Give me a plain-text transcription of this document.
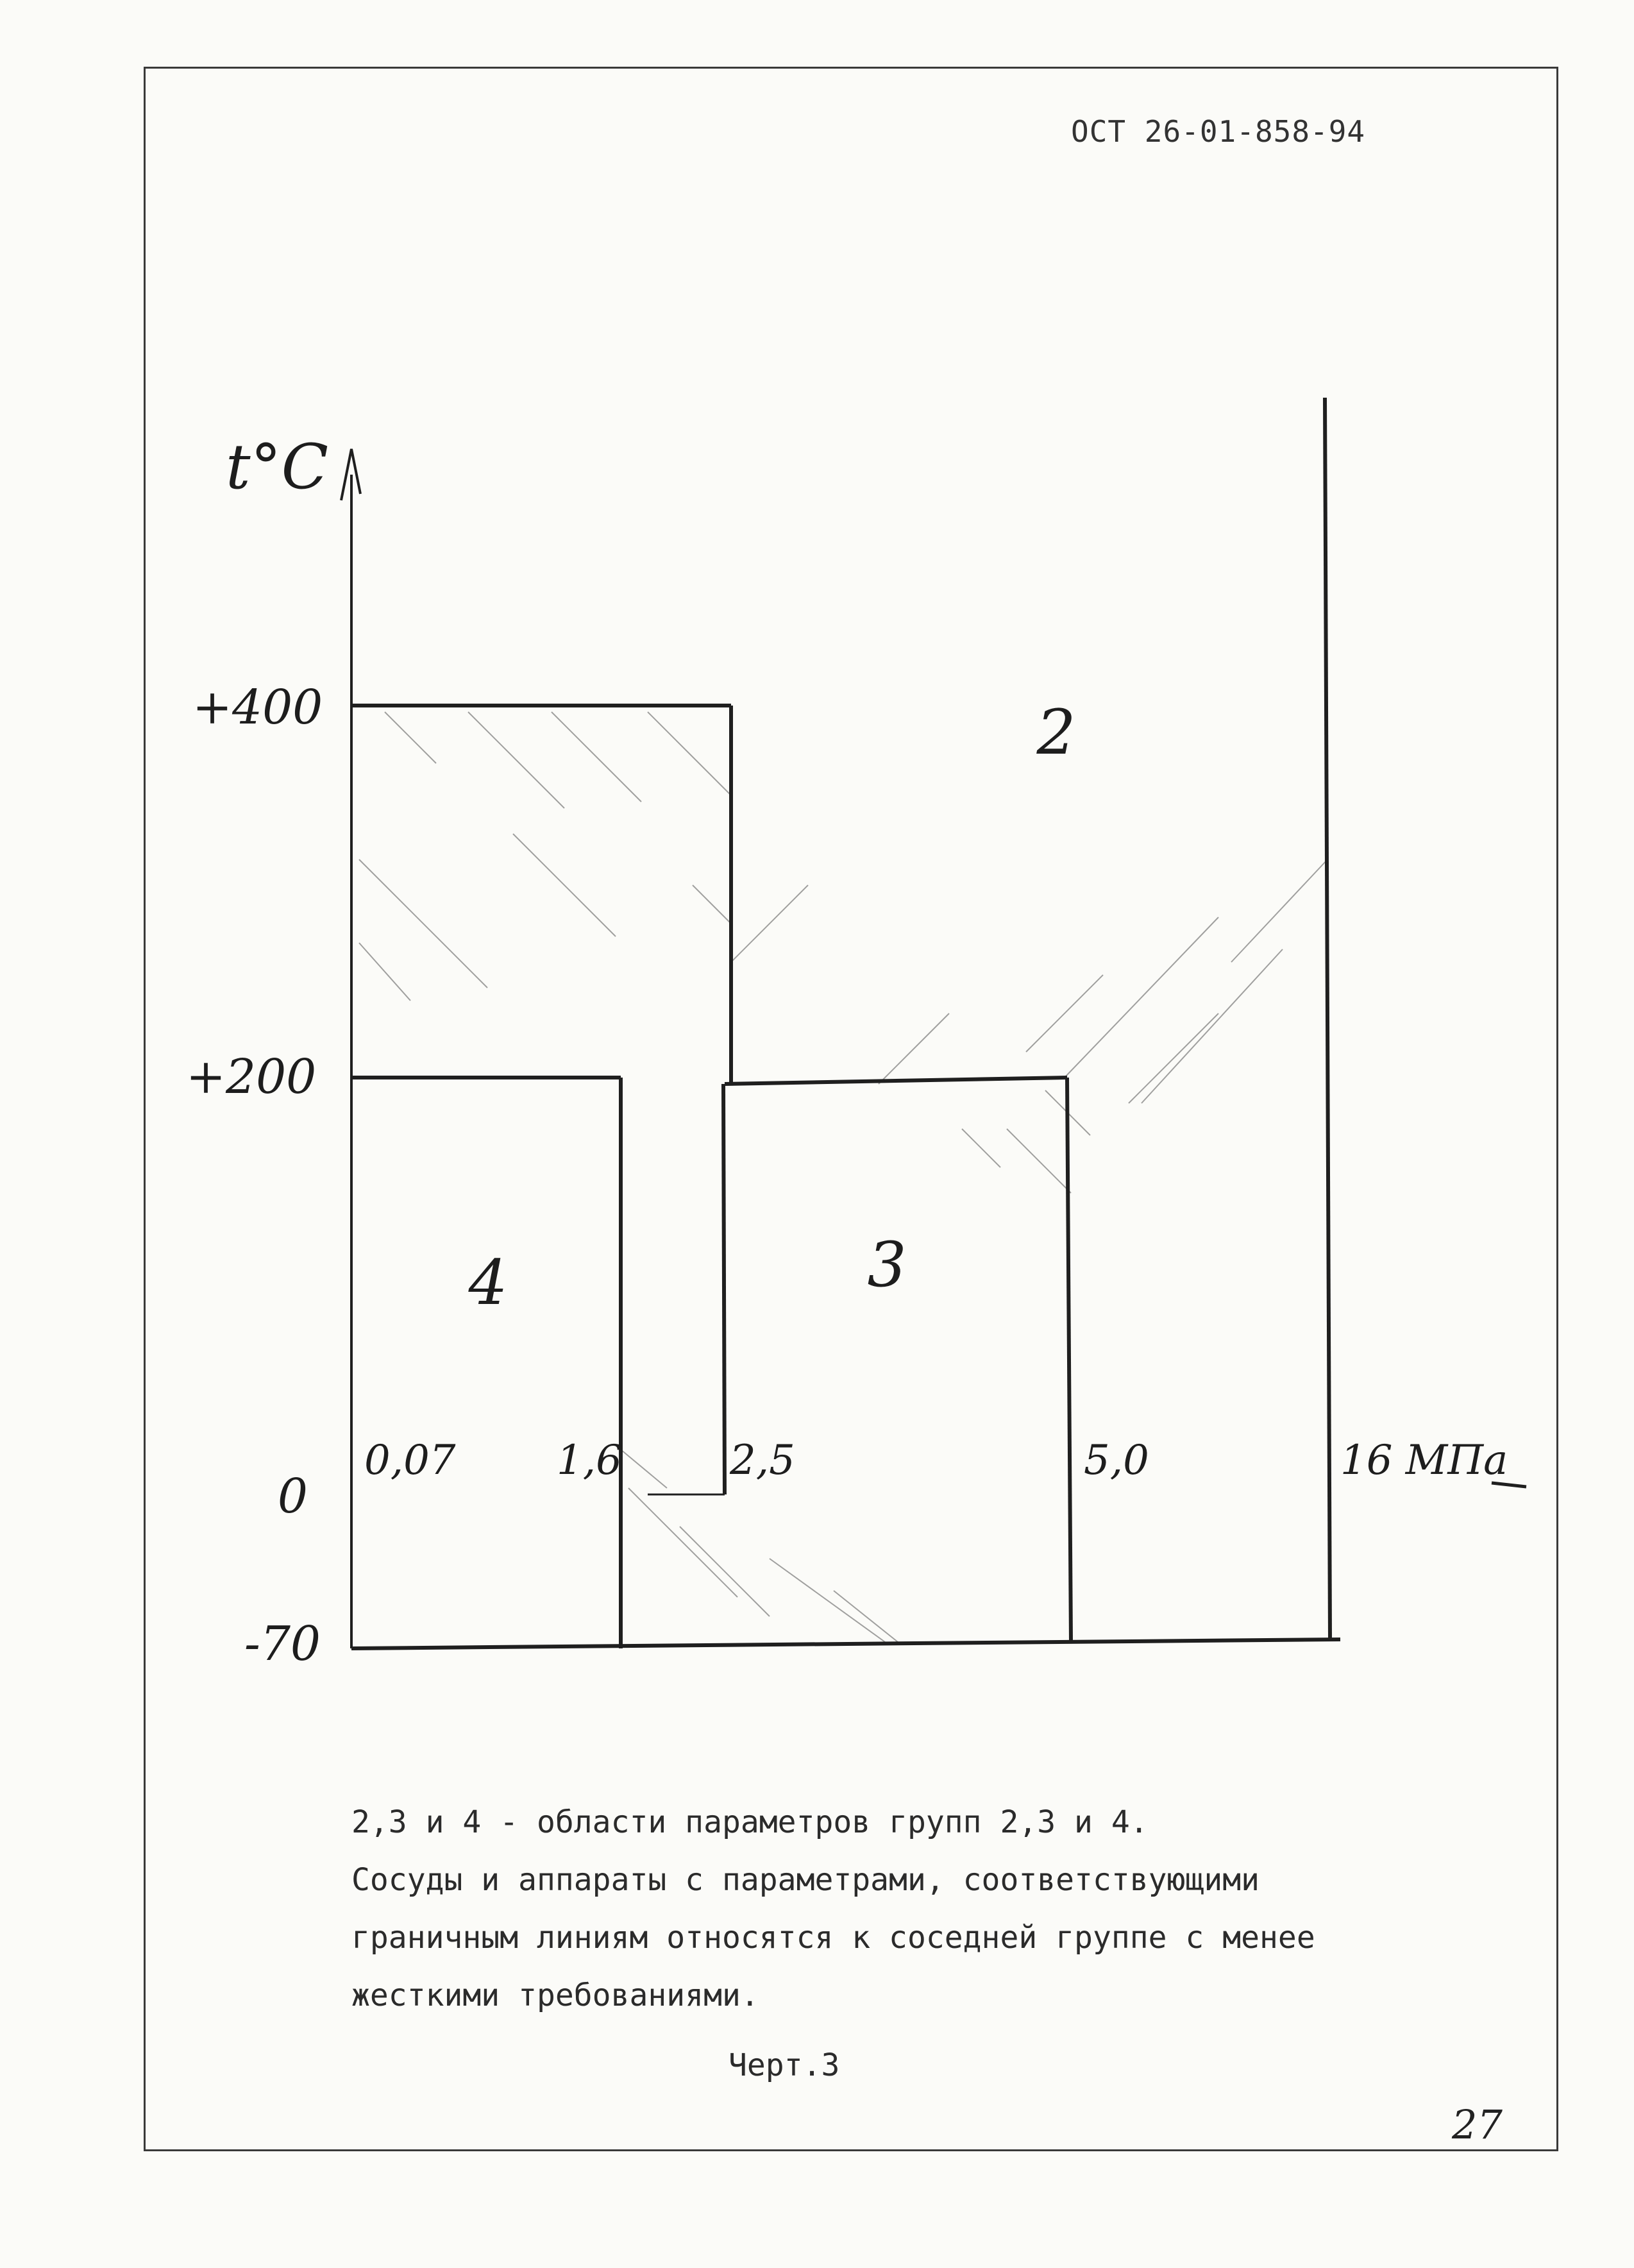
ОСТ 26-01-858-94
t°C
+400
+200
0
-70
0,07 1,6	2,5	5,0	16 МПа
2
3
4

2,3 и 4 - области параметров групп 2,3 и 4.

Сосуды и аппараты с параметрами, соответствующими

граничным линиям относятся к соседней группе с менее

жесткими требованиями.

Черт.3
27
